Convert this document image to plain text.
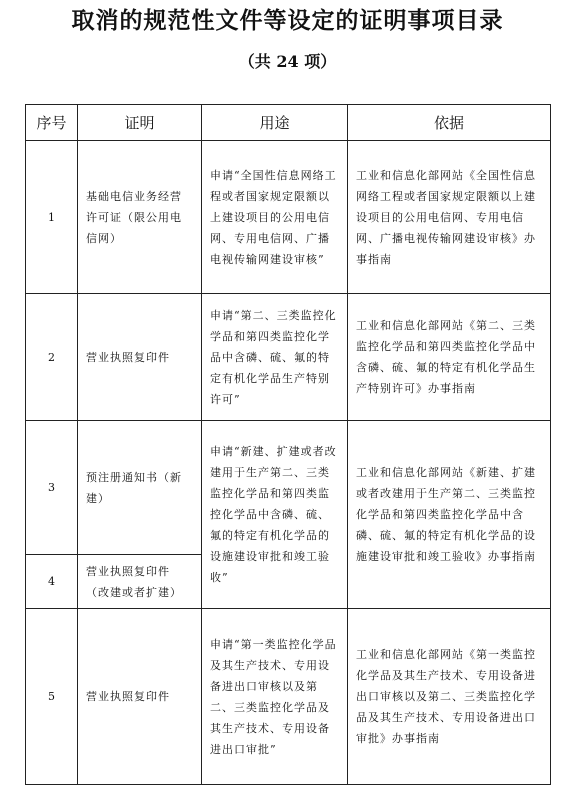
取消的规范性文件等设定的证明事项目录
（共 24 项）
序号	证明	用途	依据
1	基础电信业务经营许可证（限公用电信网）	申请“全国性信息网络工程或者国家规定限额以上建设项目的公用电信网、专用电信网、广播电视传输网建设审核”	工业和信息化部网站《全国性信息网络工程或者国家规定限额以上建设项目的公用电信网、专用电信网、广播电视传输网建设审核》办事指南
2	营业执照复印件	申请“第二、三类监控化学品和第四类监控化学品中含磷、硫、氟的特定有机化学品生产特别许可”	工业和信息化部网站《第二、三类监控化学品和第四类监控化学品中含磷、硫、氟的特定有机化学品生产特别许可》办事指南
3	预注册通知书（新建）	申请“新建、扩建或者改建用于生产第二、三类监控化学品和第四类监控化学品中含磷、硫、氟的特定有机化学品的设施建设审批和竣工验收”	工业和信息化部网站《新建、扩建或者改建用于生产第二、三类监控化学品和第四类监控化学品中含磷、硫、氟的特定有机化学品的设施建设审批和竣工验收》办事指南
4	营业执照复印件（改建或者扩建）		
5	营业执照复印件	申请“第一类监控化学品及其生产技术、专用设备进出口审核以及第二、三类监控化学品及其生产技术、专用设备进出口审批”	工业和信息化部网站《第一类监控化学品及其生产技术、专用设备进出口审核以及第二、三类监控化学品及其生产技术、专用设备进出口审批》办事指南
